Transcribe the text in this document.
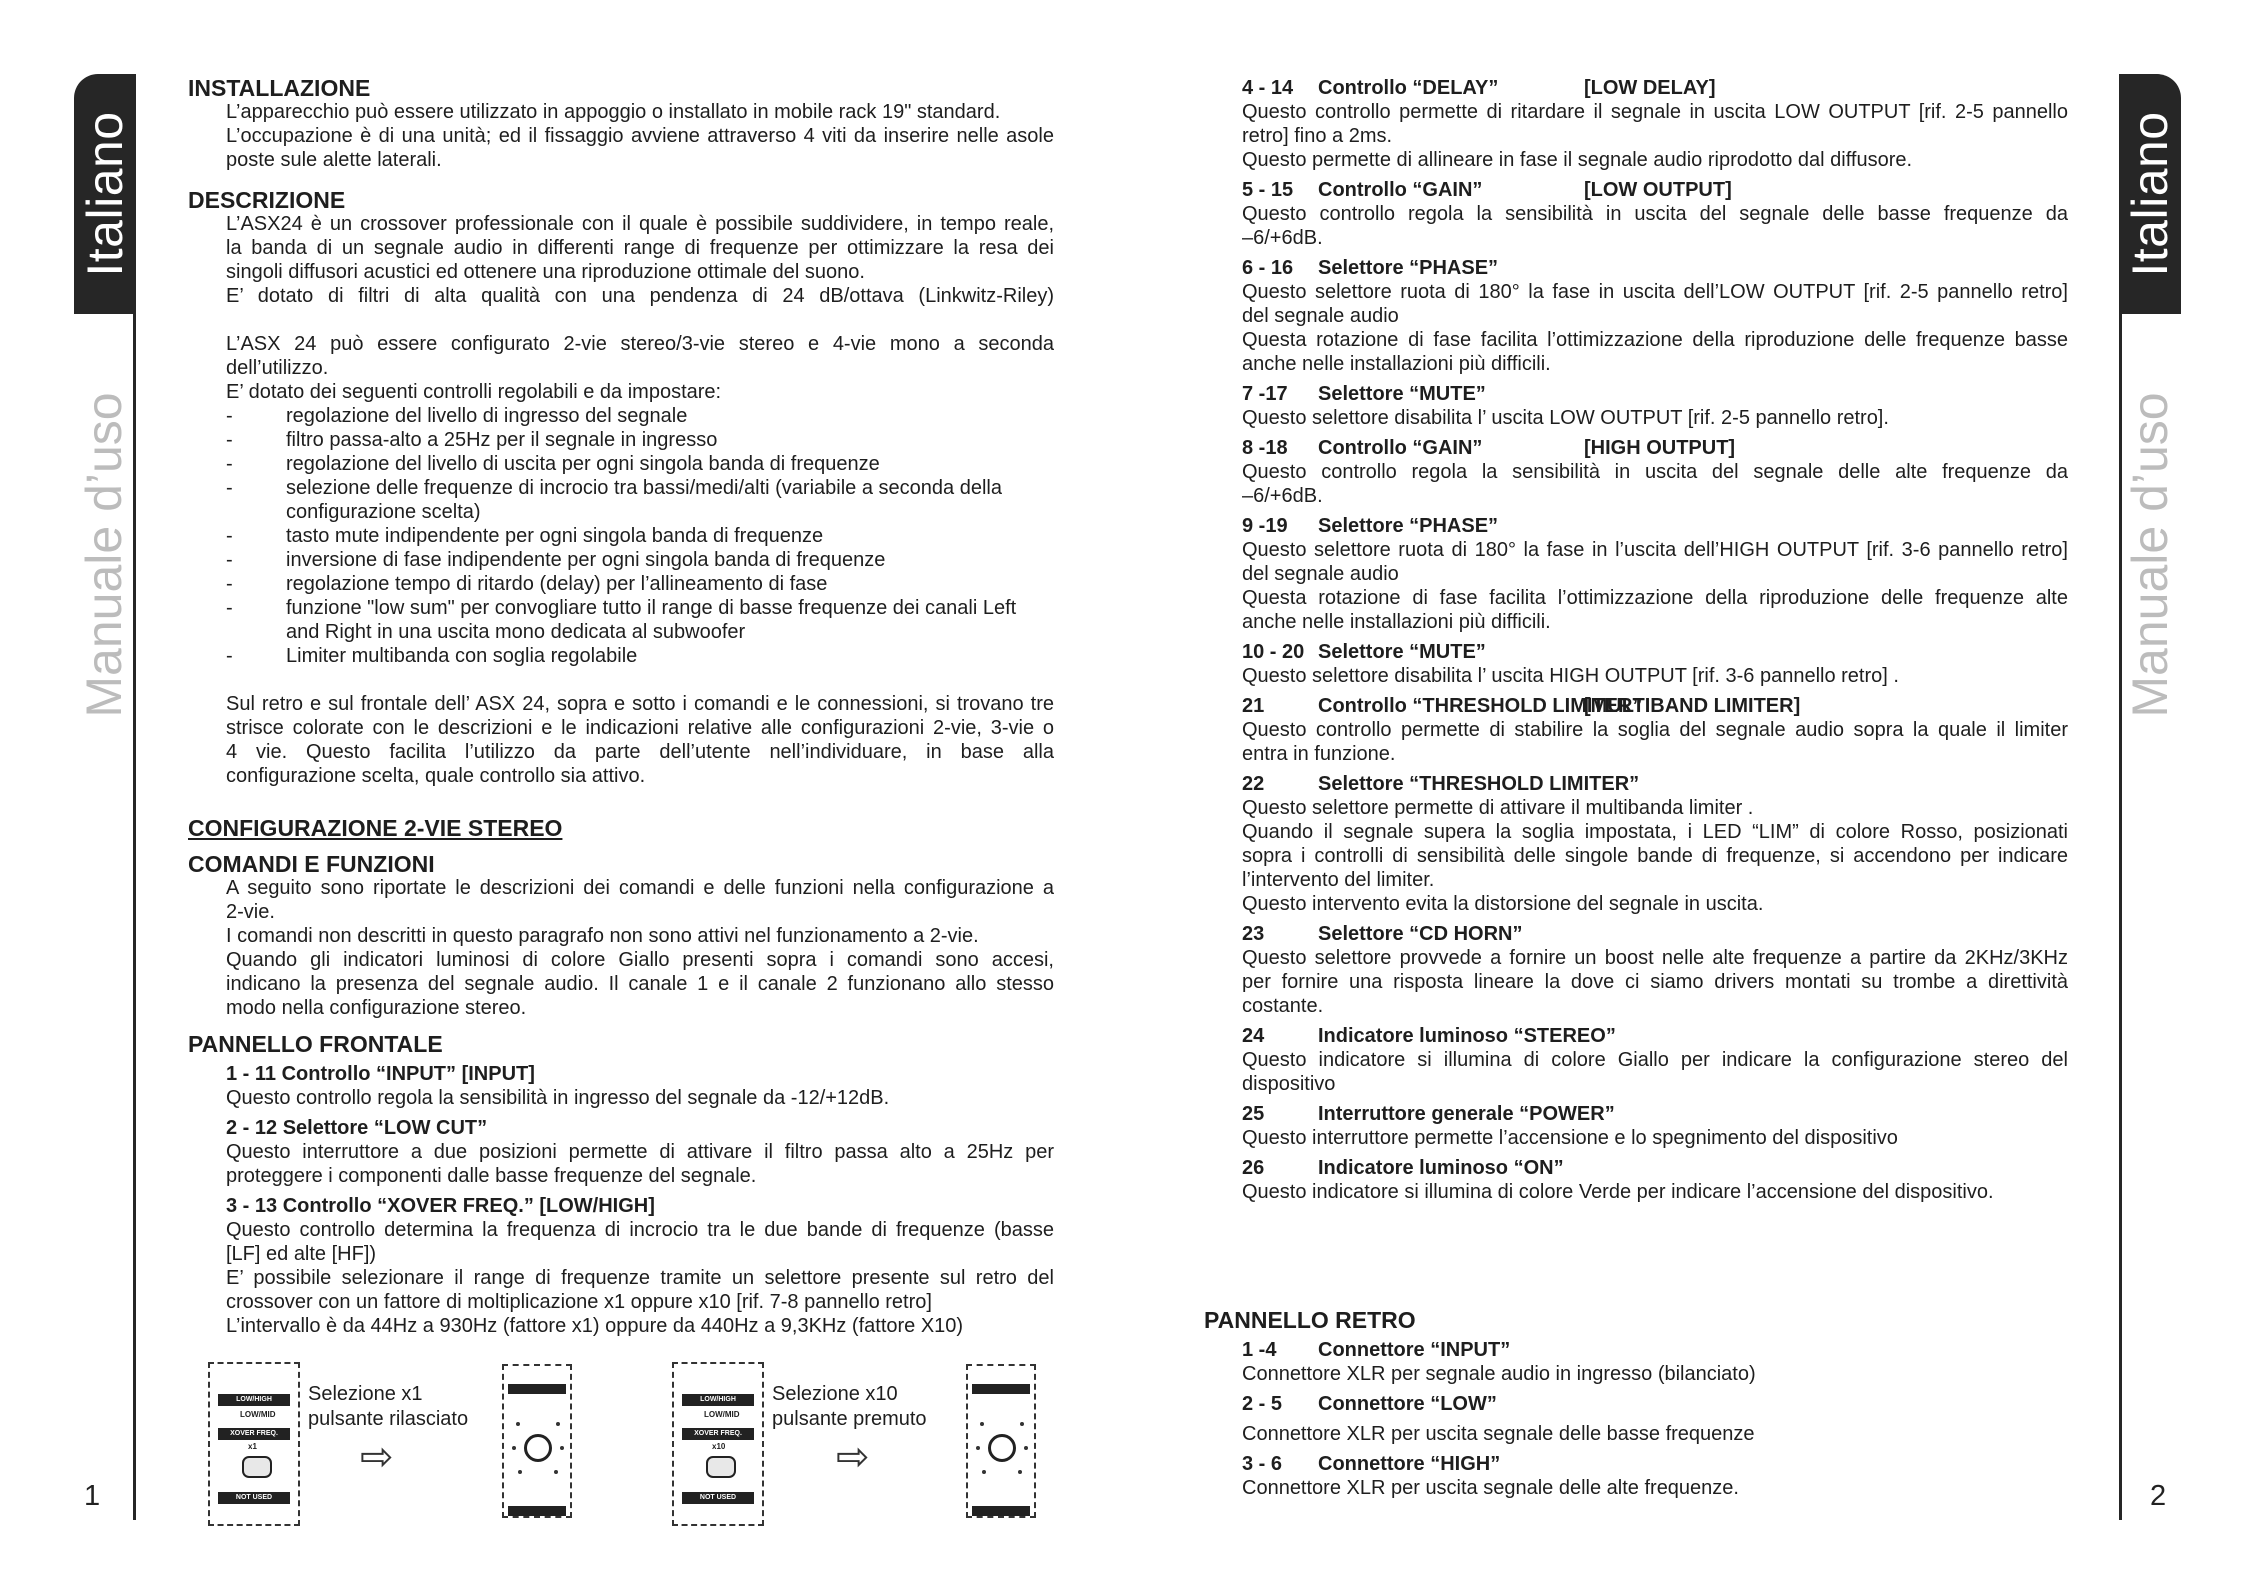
Italiano
Manuale d’uso
1
Italiano
Manuale d’uso
2
INSTALLAZIONE
L’apparecchio può essere utilizzato in appoggio o installato in mobile rack 19" standard.
L’occupazione è di una unità; ed il fissaggio avviene attraverso 4 viti da inserire nelle asole
poste sule alette laterali.
DESCRIZIONE
L’ASX24 è un crossover professionale con il quale è possibile suddividere, in tempo reale,
la banda di un segnale audio in differenti range di frequenze per ottimizzare la resa dei
singoli diffusori acustici ed ottenere una riproduzione ottimale del suono.
E’ dotato di filtri di alta qualità con una pendenza di 24 dB/ottava (Linkwitz-Riley)
L’ASX 24 può essere configurato 2-vie stereo/3-vie stereo e 4-vie mono a seconda
dell’utilizzo.
E’ dotato dei seguenti controlli regolabili e da impostare:
-	regolazione del livello di ingresso del segnale
-	filtro passa-alto a 25Hz per il segnale in ingresso
-	regolazione del livello di uscita per ogni singola banda di frequenze
-	selezione delle frequenze di incrocio tra bassi/medi/alti (variabile a seconda della
configurazione scelta)
-	tasto mute indipendente per ogni singola banda di frequenze
-	inversione di fase indipendente per ogni singola banda di frequenze
-	regolazione tempo di ritardo (delay) per l’allineamento di fase
-	funzione "low sum" per convogliare tutto il range di basse frequenze dei canali Left
and Right in una uscita mono dedicata al subwoofer
-	Limiter multibanda con soglia regolabile
Sul retro e sul frontale dell’ ASX 24, sopra e sotto i comandi e le connessioni, si trovano tre
strisce colorate con le descrizioni e le indicazioni relative alle configurazioni 2-vie, 3-vie o
4 vie. Questo facilita l’utilizzo da parte dell’utente nell’individuare, in base alla
configurazione scelta, quale controllo sia attivo.
CONFIGURAZIONE 2-VIE STEREO
COMANDI E FUNZIONI
A seguito sono riportate le descrizioni dei comandi e delle funzioni nella configurazione a
2-vie.
I comandi non descritti in questo paragrafo non sono attivi nel funzionamento a 2-vie.
Quando gli indicatori luminosi di colore Giallo presenti sopra i comandi sono accesi,
indicano la presenza del segnale audio. Il canale 1 e il canale 2 funzionano allo stesso
modo nella configurazione stereo.
PANNELLO FRONTALE
1 - 11 Controllo “INPUT” [INPUT]
Questo controllo regola la sensibilità in ingresso del segnale da -12/+12dB.
2 - 12 Selettore “LOW CUT”
Questo interruttore a due posizioni permette di attivare il filtro passa alto a 25Hz per
proteggere i componenti dalle basse frequenze del segnale.
3 - 13 Controllo “XOVER FREQ.” [LOW/HIGH]
Questo controllo determina la frequenza di incrocio tra le due bande di frequenze (basse
[LF] ed alte [HF])
E’ possibile selezionare il range di frequenze tramite un selettore presente sul retro del
crossover con un fattore di moltiplicazione x1 oppure x10 [rif. 7-8 pannello retro]
L’intervallo è da 44Hz a 930Hz (fattore x1) oppure da 440Hz a 9,3KHz (fattore X10)
LOW/HIGH
LOW/MID
XOVER FREQ.
x1
NOT USED
Selezione x1
pulsante rilasciato
⇨
LOW/HIGH
LOW/MID
XOVER FREQ.
x10
NOT USED
Selezione x10
pulsante premuto
⇨
4 - 14	Controllo “DELAY”	[LOW DELAY]
Questo controllo permette di ritardare il segnale in uscita LOW OUTPUT [rif. 2-5 pannello
retro] fino a 2ms.
Questo permette di allineare in fase il segnale audio riprodotto dal diffusore.
5 - 15	Controllo “GAIN”	[LOW OUTPUT]
Questo controllo regola la sensibilità in uscita del segnale delle basse frequenze da
–6/+6dB.
6 - 16	Selettore “PHASE”
Questo selettore ruota di 180° la fase in uscita dell’LOW OUTPUT [rif. 2-5 pannello retro]
del segnale audio
Questa rotazione di fase facilita l’ottimizzazione della riproduzione delle frequenze basse
anche nelle installazioni più difficili.
7 -17	Selettore “MUTE”
Questo selettore disabilita l’ uscita LOW OUTPUT [rif. 2-5 pannello retro].
8 -18	Controllo “GAIN”	[HIGH OUTPUT]
Questo controllo regola la sensibilità in uscita del segnale delle alte frequenze da
–6/+6dB.
9 -19	Selettore “PHASE”
Questo selettore ruota di 180° la fase in l’uscita dell’HIGH OUTPUT [rif. 3-6 pannello retro]
del segnale audio
Questa rotazione di fase facilita l’ottimizzazione della riproduzione delle frequenze alte
anche nelle installazioni più difficili.
10 - 20 Selettore “MUTE”
Questo selettore disabilita l’ uscita HIGH OUTPUT [rif. 3-6 pannello retro] .
21	Controllo “THRESHOLD LIMITER”
[MULTIBAND LIMITER]
Questo controllo permette di stabilire la soglia del segnale audio sopra la quale il limiter
entra in funzione.
22	Selettore “THRESHOLD LIMITER”
Questo selettore permette di attivare il multibanda limiter .
Quando il segnale supera la soglia impostata, i LED “LIM” di colore Rosso, posizionati
sopra i controlli di sensibilità delle singole bande di frequenze, si accendono per indicare
l’intervento del limiter.
Questo intervento evita la distorsione del segnale in uscita.
23	Selettore “CD HORN”
Questo selettore provvede a fornire un boost nelle alte frequenze a partire da 2KHz/3KHz
per fornire una risposta lineare la dove ci siamo drivers montati su trombe a direttività
costante.
24	Indicatore luminoso “STEREO”
Questo indicatore si illumina di colore Giallo per indicare la configurazione stereo del
dispositivo
25	Interruttore generale “POWER”
Questo interruttore permette l’accensione e lo spegnimento del dispositivo
26	Indicatore luminoso “ON”
Questo indicatore si illumina di colore Verde per indicare l’accensione del dispositivo.
PANNELLO RETRO
1 -4	Connettore “INPUT”
Connettore XLR per segnale audio in ingresso (bilanciato)
2 - 5	Connettore “LOW”
Connettore XLR per uscita segnale delle basse frequenze
3 - 6	Connettore “HIGH”
Connettore XLR per uscita segnale delle alte frequenze.
